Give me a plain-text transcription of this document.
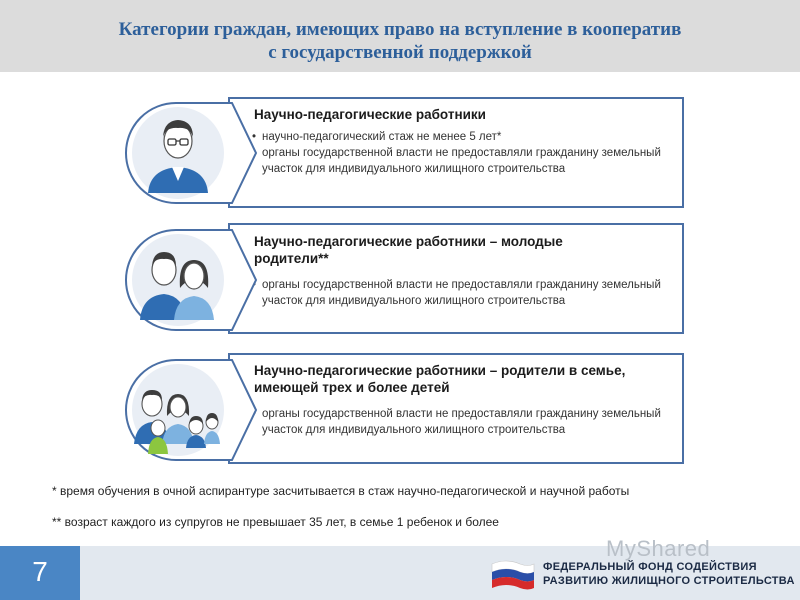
Категории граждан, имеющих право на вступление в кооператив
с государственной поддержкой
Научно-педагогические работники
• научно-педагогический стаж не менее 5 лет*
• органы государственной власти не предоставляли гражданину земельный участок для индивидуального жилищного строительства
Научно-педагогические работники – молодые родители**
• органы государственной власти не предоставляли гражданину земельный участок для индивидуального жилищного строительства
Научно-педагогические работники – родители в семье, имеющей трех и более детей
• органы государственной власти не предоставляли гражданину земельный участок для индивидуального жилищного строительства
* время обучения в очной аспирантуре засчитывается в стаж научно-педагогической и научной работы
** возраст каждого из супругов не превышает 35 лет, в семье 1 ребенок и более
7
MyShared
ФЕДЕРАЛЬНЫЙ ФОНД СОДЕЙСТВИЯ
РАЗВИТИЮ ЖИЛИЩНОГО СТРОИТЕЛЬСТВА
